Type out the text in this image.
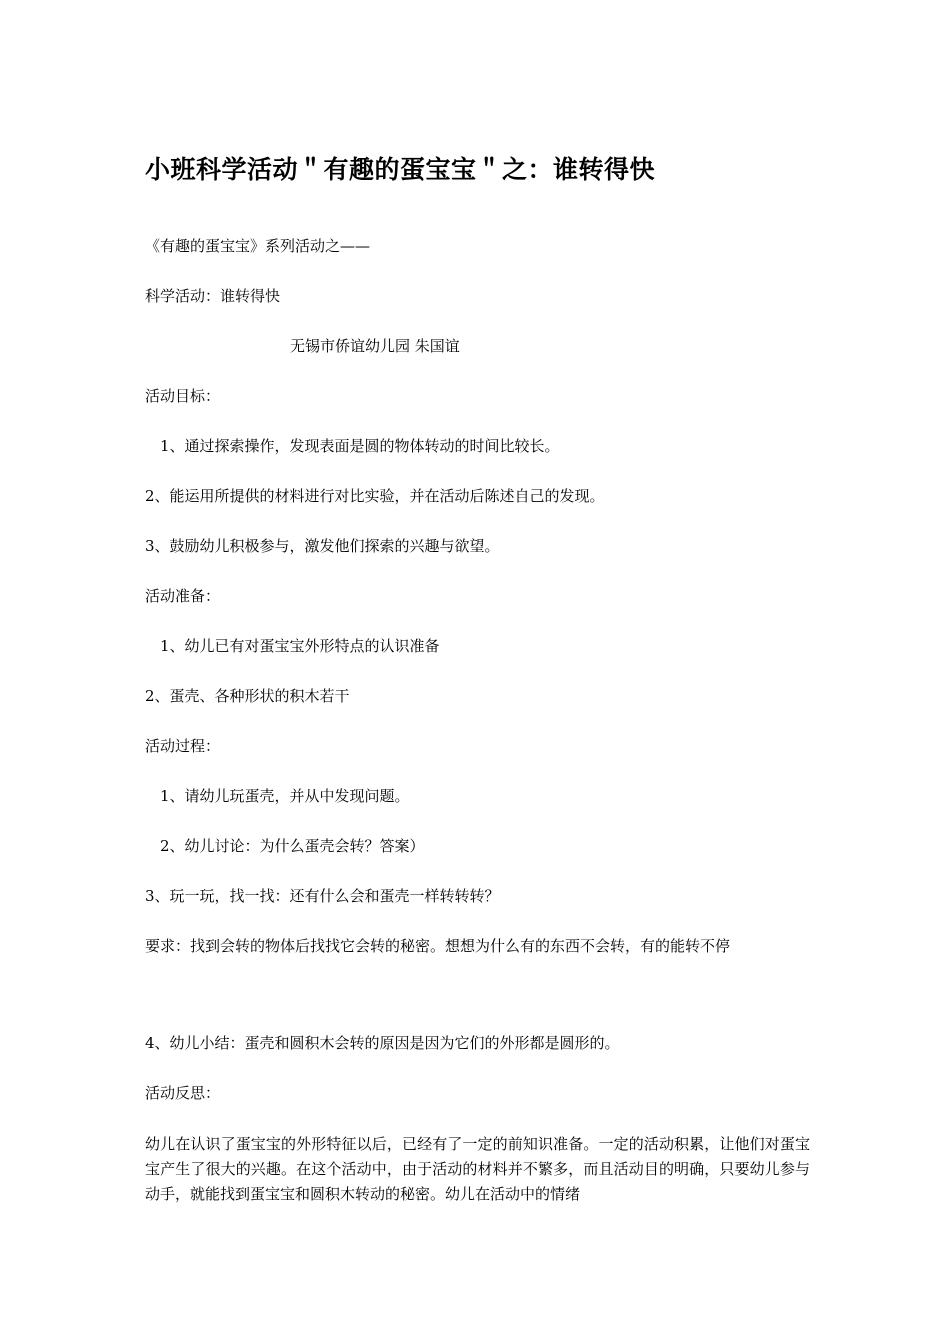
小班科学活动＂有趣的蛋宝宝＂之：谁转得快
《有趣的蛋宝宝》系列活动之——
科学活动：谁转得快
无锡市侨谊幼儿园 朱国谊
活动目标：
1、通过探索操作，发现表面是圆的物体转动的时间比较长。
2、能运用所提供的材料进行对比实验，并在活动后陈述自己的发现。
3、鼓励幼儿积极参与，激发他们探索的兴趣与欲望。
活动准备：
1、幼儿已有对蛋宝宝外形特点的认识准备
2、蛋壳、各种形状的积木若干
活动过程：
1、请幼儿玩蛋壳，并从中发现问题。
2、幼儿讨论：为什么蛋壳会转？答案）
3、玩一玩，找一找：还有什么会和蛋壳一样转转转？
要求：找到会转的物体后找找它会转的秘密。想想为什么有的东西不会转，有的能转不停
4、幼儿小结：蛋壳和圆积木会转的原因是因为它们的外形都是圆形的。
活动反思：
幼儿在认识了蛋宝宝的外形特征以后，已经有了一定的前知识准备。一定的活动积累，让他们对蛋宝宝产生了很大的兴趣。在这个活动中，由于活动的材料并不繁多，而且活动目的明确，只要幼儿参与动手，就能找到蛋宝宝和圆积木转动的秘密。幼儿在活动中的情绪
